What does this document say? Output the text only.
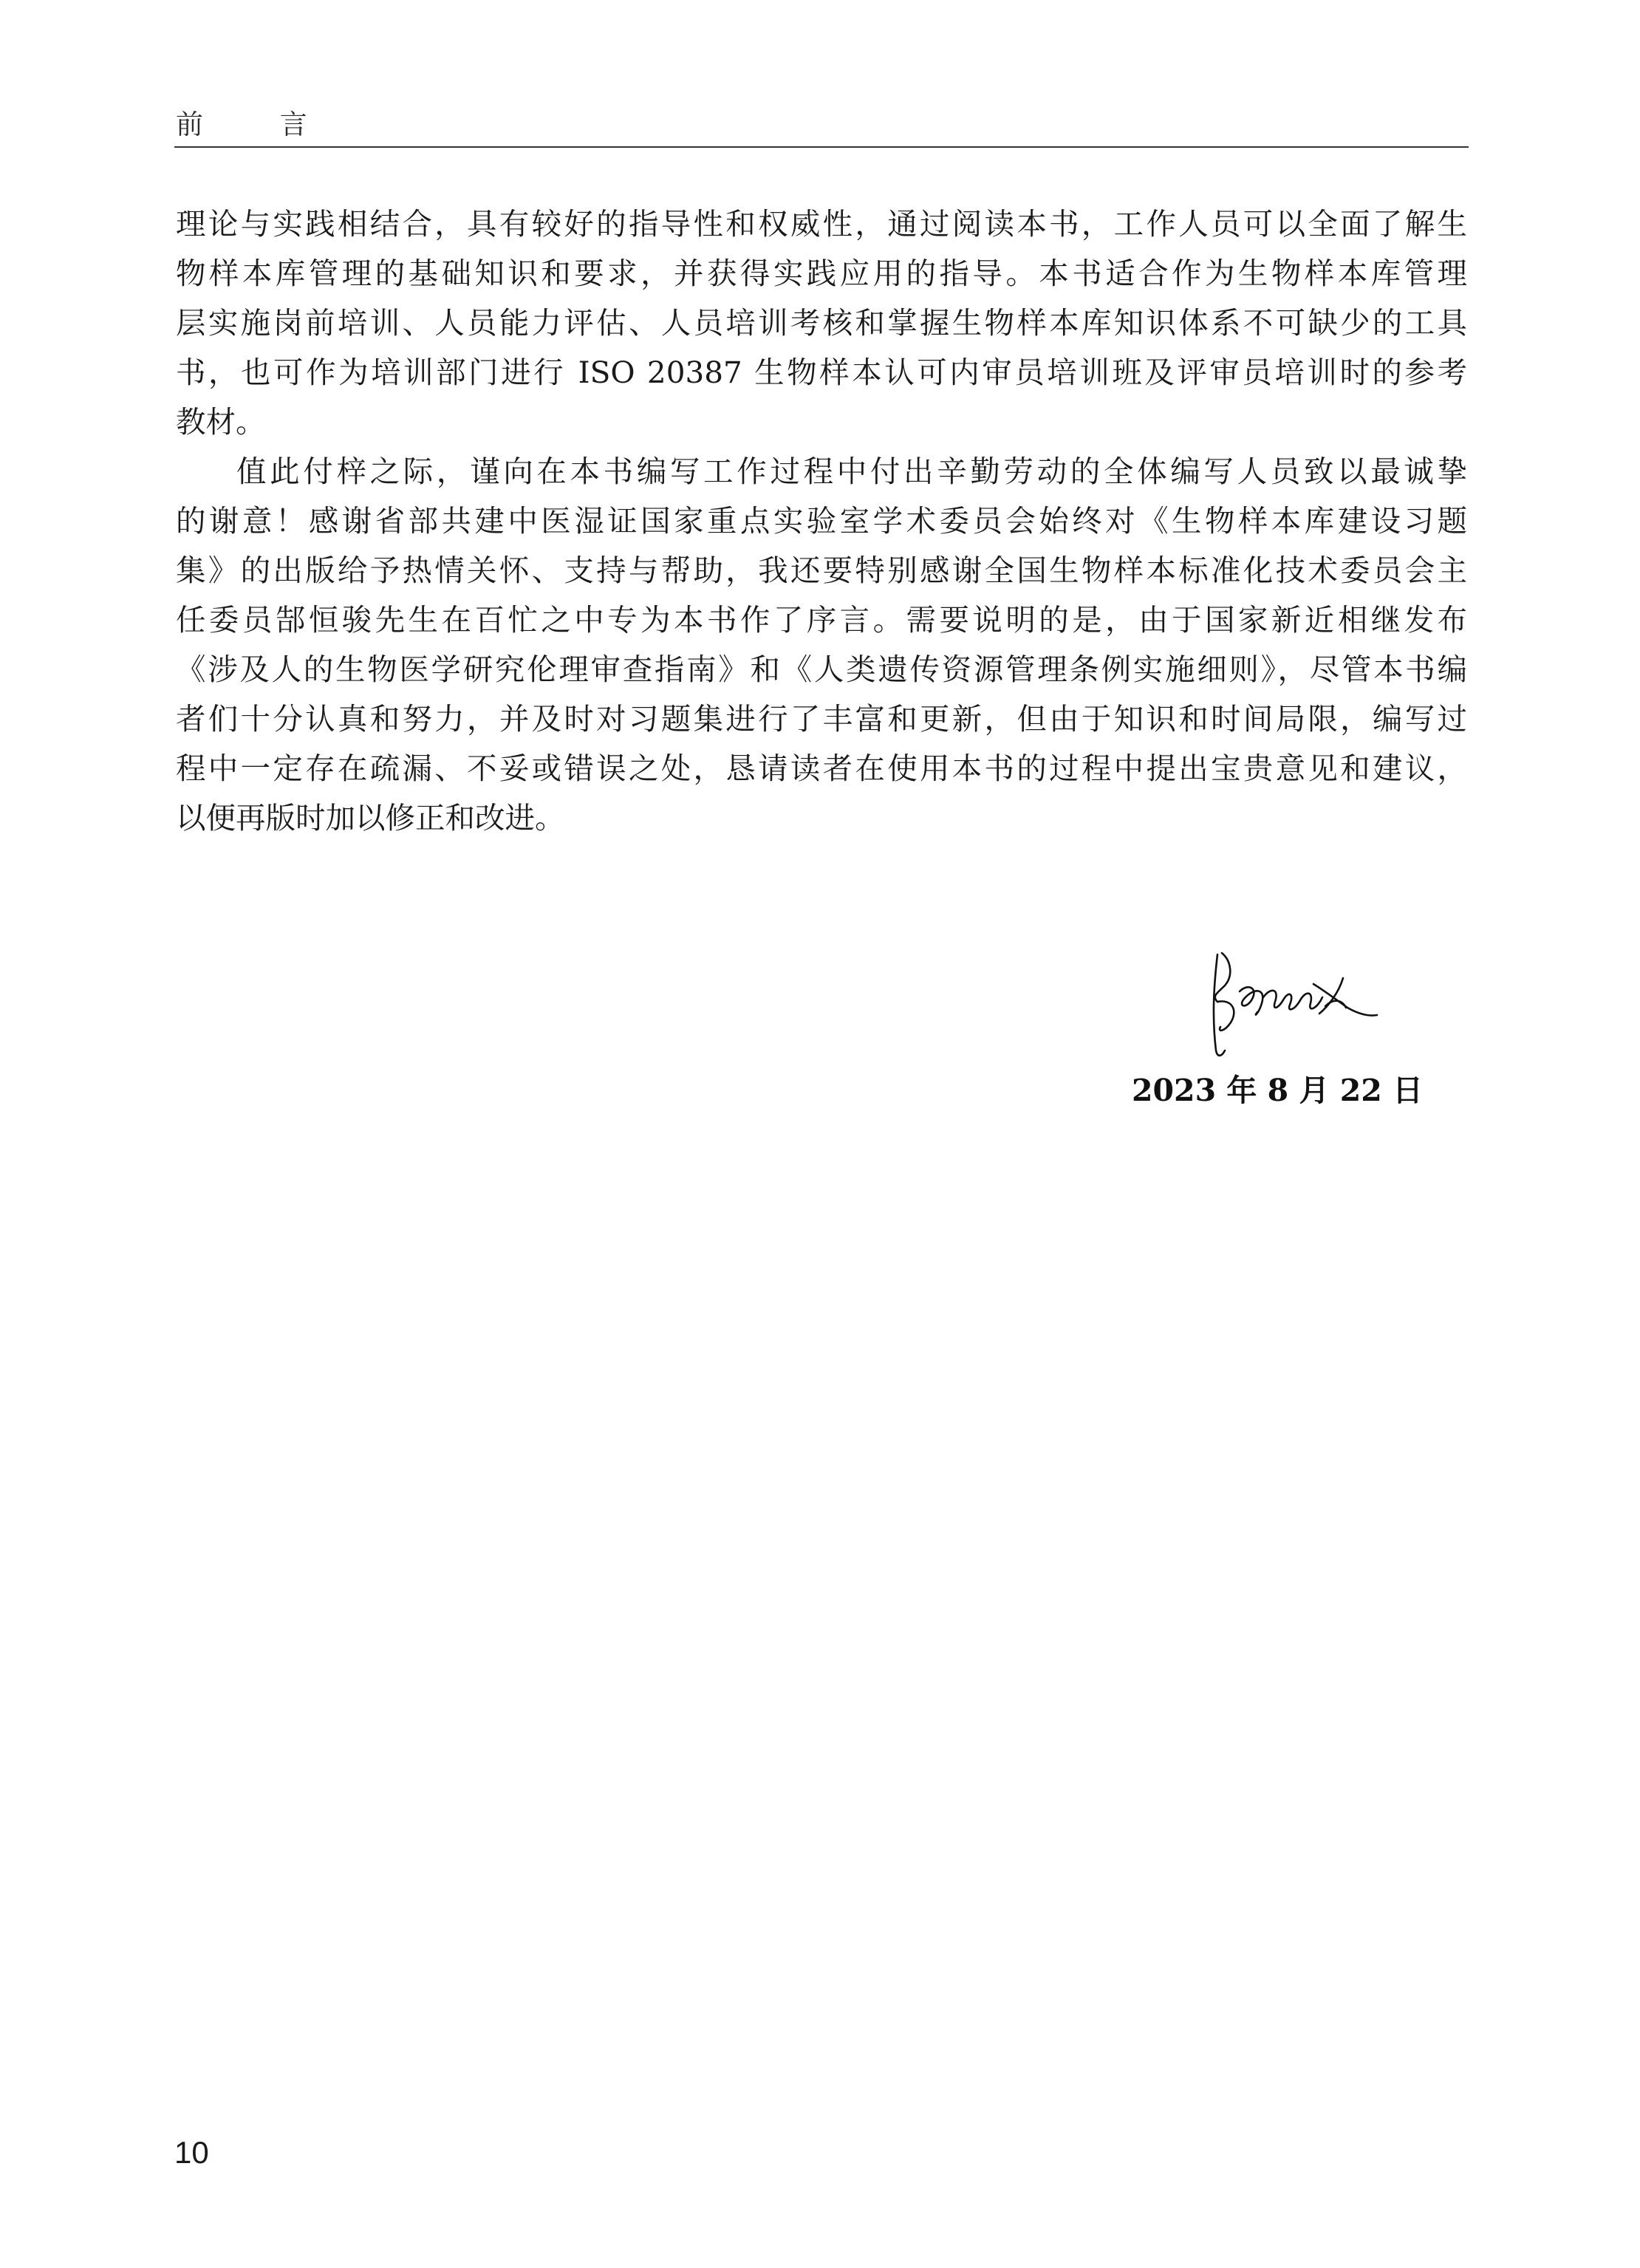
前 言
理论与实践相结合，具有较好的指导性和权威性，通过阅读本书，工作人员可以全面了解生
物样本库管理的基础知识和要求，并获得实践应用的指导。本书适合作为生物样本库管理
层实施岗前培训、人员能力评估、人员培训考核和掌握生物样本库知识体系不可缺少的工具
书，也可作为培训部门进行 ISO 20387 生物样本认可内审员培训班及评审员培训时的参考
教材。
值此付梓之际，谨向在本书编写工作过程中付出辛勤劳动的全体编写人员致以最诚挚
的谢意！感谢省部共建中医湿证国家重点实验室学术委员会始终对《生物样本库建设习题
集》的出版给予热情关怀、支持与帮助，我还要特别感谢全国生物样本标准化技术委员会主
任委员郜恒骏先生在百忙之中专为本书作了序言。需要说明的是，由于国家新近相继发布
《涉及人的生物医学研究伦理审查指南》和《人类遗传资源管理条例实施细则》，尽管本书编
者们十分认真和努力，并及时对习题集进行了丰富和更新，但由于知识和时间局限，编写过
程中一定存在疏漏、不妥或错误之处，恳请读者在使用本书的过程中提出宝贵意见和建议，
以便再版时加以修正和改进。
2023 年 8 月 22 日
10
